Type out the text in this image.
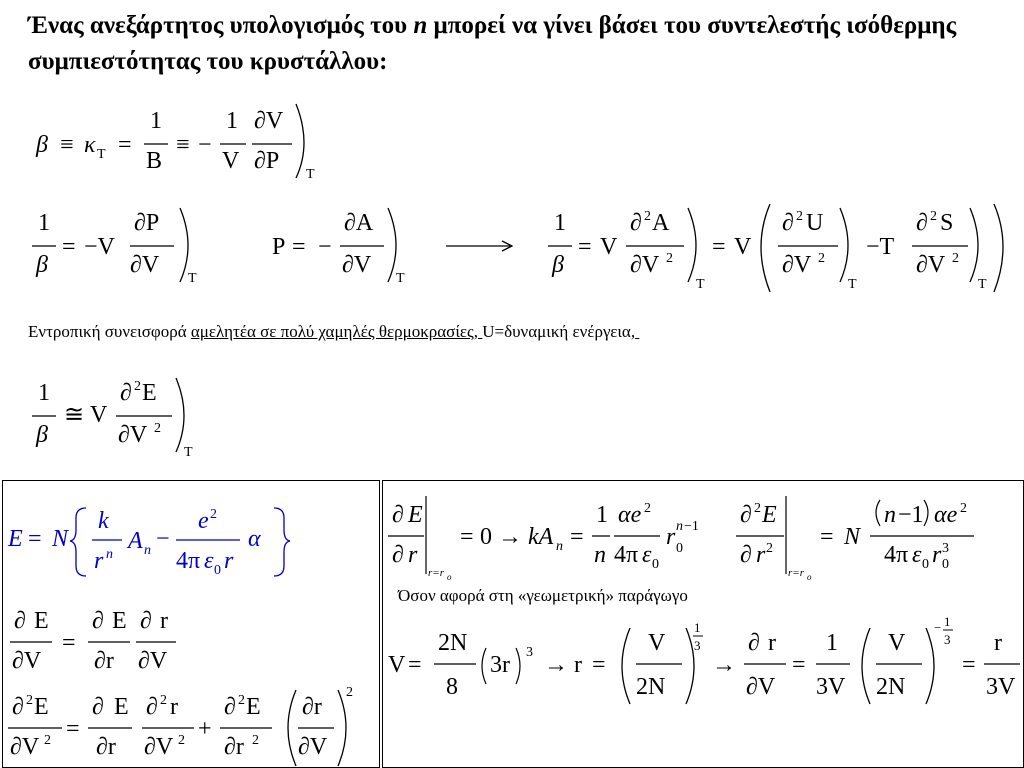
Ένας ανεξάρτητος υπολογισμός του n μπορεί να γίνει βάσει του συντελεστής ισόθερμης συμπιεστότητας του κρυστάλλου:
β ≡ κ T =
1
B
≡ −
1
V
∂V
∂P
T
1
β
= −V
∂P
∂V
T
P = −
∂A
∂V
T
1
β
= V
∂ 2 A
∂V 2
T
= V
∂ 2 U
∂V 2
T
−T
∂ 2 S
∂V 2
T
1
β
≅ V
∂ 2 E
∂V 2
T
E = N
k
r n
A n −
e 2
4π ε 0 r
α
∂ E
∂V
=
∂ E
∂r
∂ r
∂V
∂ 2 E
∂V 2 =
∂ E
∂r
∂ 2 r
∂V 2 +
∂ 2 E
∂r 2
∂r
∂V
2
∂ E
∂ r
r=r o
= 0 → kA n =
1
n
αe 2
4π ε 0
r 0
n −1 ∂ 2 E
∂ r 2
r=r o
= N
n −1 αe 2
4π ε 0 r 0
3
V =
2N
8
3r 3 → r =
V
2N
1
3
→
∂ r
∂V
=
1
3V
V
2N
− 1
3
=
r
3V
Εντροπική συνεισφορά αμελητέα σε πολύ χαμηλές θερμοκρασίες, U=δυναμική ενέργεια,
Όσον αφορά στη «γεωμετρική» παράγωγο
